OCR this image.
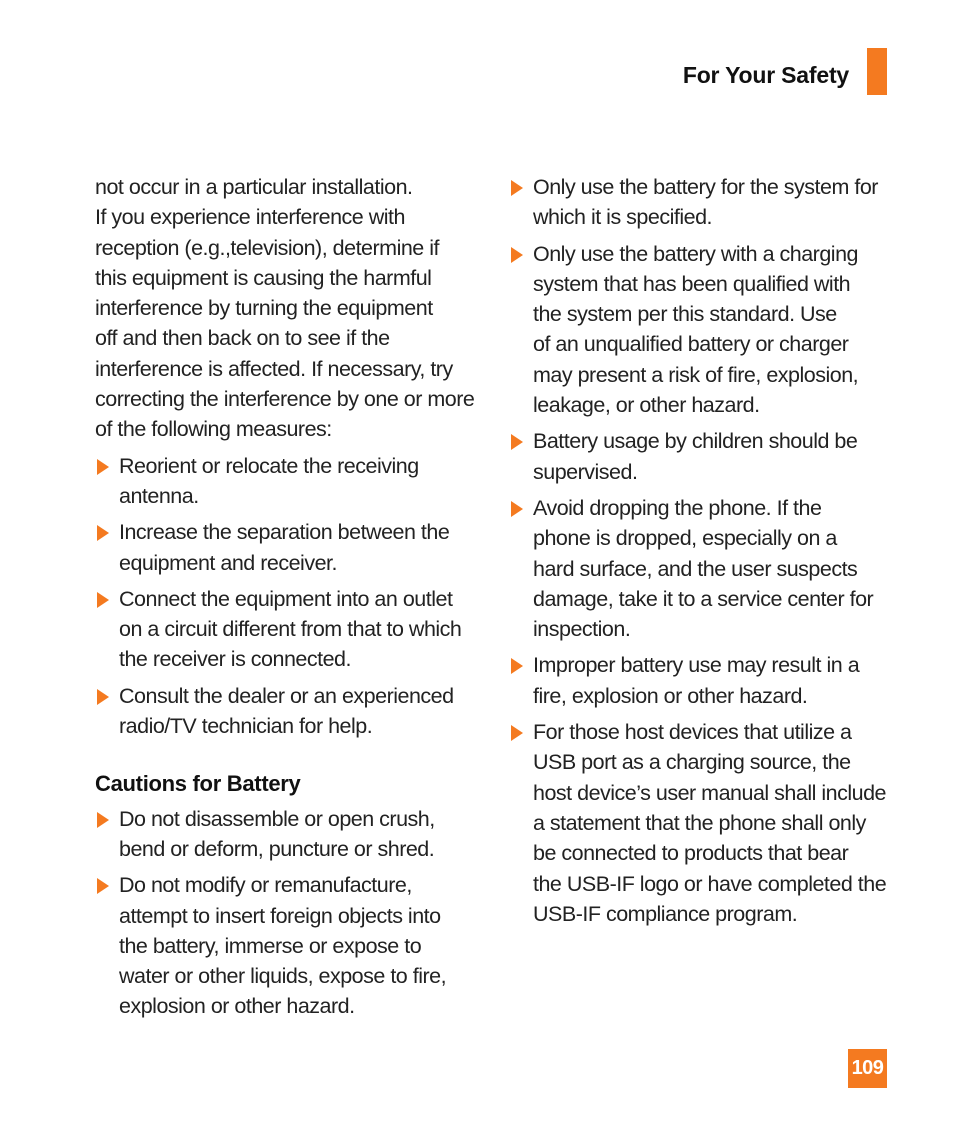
For Your Safety
not occur in a particular installation.
If you experience interference with
reception (e.g.,television), determine if
this equipment is causing the harmful
interference by turning the equipment
off and then back on to see if the
interference is affected. If necessary, try
correcting the interference by one or more
of the following measures:
Reorient or relocate the receiving
antenna.
Increase the separation between the
equipment and receiver.
Connect the equipment into an outlet
on a circuit different from that to which
the receiver is connected.
Consult the dealer or an experienced
radio/TV technician for help.
Cautions for Battery
Do not disassemble or open crush,
bend or deform, puncture or shred.
Do not modify or remanufacture,
attempt to insert foreign objects into
the battery, immerse or expose to
water or other liquids, expose to fire,
explosion or other hazard.
Only use the battery for the system for
which it is specified.
Only use the battery with a charging
system that has been qualified with
the system per this standard. Use
of an unqualified battery or charger
may present a risk of fire, explosion,
leakage, or other hazard.
Battery usage by children should be
supervised.
Avoid dropping the phone. If the
phone is dropped, especially on a
hard surface, and the user suspects
damage, take it to a service center for
inspection.
Improper battery use may result in a
fire, explosion or other hazard.
For those host devices that utilize a
USB port as a charging source, the
host device’s user manual shall include
a statement that the phone shall only
be connected to products that bear
the USB-IF logo or have completed the
USB-IF compliance program.
109
